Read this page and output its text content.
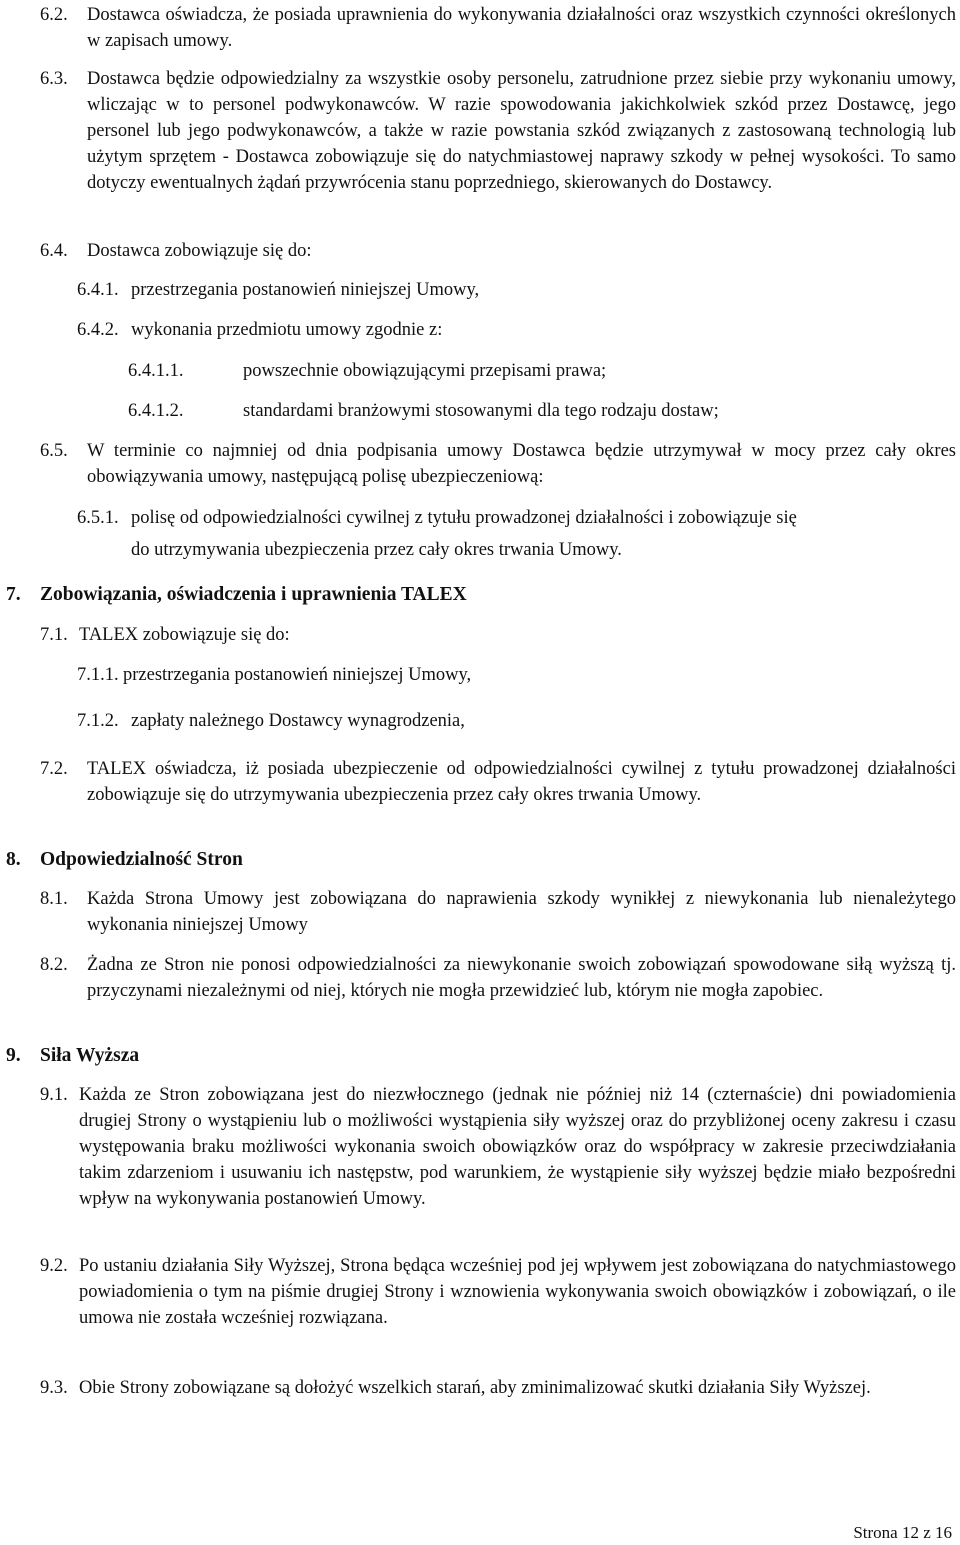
6.2.	Dostawca oświadcza, że posiada uprawnienia do wykonywania działalności oraz wszystkich czynności określonych w zapisach umowy.

6.3.	Dostawca będzie odpowiedzialny za wszystkie osoby personelu, zatrudnione przez siebie przy wykonaniu umowy, wliczając w to personel podwykonawców. W razie spowodowania jakichkolwiek szkód przez Dostawcę, jego personel lub jego podwykonawców, a także w razie powstania szkód związanych z zastosowaną technologią lub użytym sprzętem - Dostawca zobowiązuje się do natychmiastowej naprawy szkody w pełnej wysokości. To samo dotyczy ewentualnych żądań przywrócenia stanu poprzedniego, skierowanych do Dostawcy.

6.4.	Dostawca zobowiązuje się do:

6.4.1. przestrzegania postanowień niniejszej Umowy,

6.4.2. wykonania przedmiotu umowy zgodnie z:

6.4.1.1.	powszechnie obowiązującymi przepisami prawa;

6.4.1.2.	standardami branżowymi stosowanymi dla tego rodzaju dostaw;

6.5.	W terminie co najmniej od dnia podpisania umowy Dostawca będzie utrzymywał w mocy przez cały okres obowiązywania umowy, następującą polisę ubezpieczeniową:

6.5.1. polisę od odpowiedzialności cywilnej z tytułu prowadzonej działalności i zobowiązuje się

do utrzymywania ubezpieczenia przez cały okres trwania Umowy.

7. Zobowiązania, oświadczenia i uprawnienia TALEX
7.1. TALEX zobowiązuje się do:

7.1.1. przestrzegania postanowień niniejszej Umowy,

7.1.2. zapłaty należnego Dostawcy wynagrodzenia,

7.2.	TALEX oświadcza, iż posiada ubezpieczenie od odpowiedzialności cywilnej z tytułu prowadzonej działalności zobowiązuje się do utrzymywania ubezpieczenia przez cały okres trwania Umowy.

8. Odpowiedzialność Stron
8.1.	Każda Strona Umowy jest zobowiązana do naprawienia szkody wynikłej z niewykonania lub nienależytego wykonania niniejszej Umowy

8.2.	Żadna ze Stron nie ponosi odpowiedzialności za niewykonanie swoich zobowiązań spowodowane siłą wyższą tj. przyczynami niezależnymi od niej, których nie mogła przewidzieć lub, którym nie mogła zapobiec.

9. Siła Wyższa
9.1. Każda ze Stron zobowiązana jest do niezwłocznego (jednak nie później niż 14 (czternaście) dni powiadomienia drugiej Strony o wystąpieniu lub o możliwości wystąpienia siły wyższej oraz do przybliżonej oceny zakresu i czasu występowania braku możliwości wykonania swoich obowiązków oraz do współpracy w zakresie przeciwdziałania takim zdarzeniom i usuwaniu ich następstw, pod warunkiem, że wystąpienie siły wyższej będzie miało bezpośredni wpływ na wykonywania postanowień Umowy.

9.2. Po ustaniu działania Siły Wyższej, Strona będąca wcześniej pod jej wpływem jest zobowiązana do natychmiastowego powiadomienia o tym na piśmie drugiej Strony i wznowienia wykonywania swoich obowiązków i zobowiązań, o ile umowa nie została wcześniej rozwiązana.

9.3. Obie Strony zobowiązane są dołożyć wszelkich starań, aby zminimalizować skutki działania Siły Wyższej.

Strona 12 z 16
